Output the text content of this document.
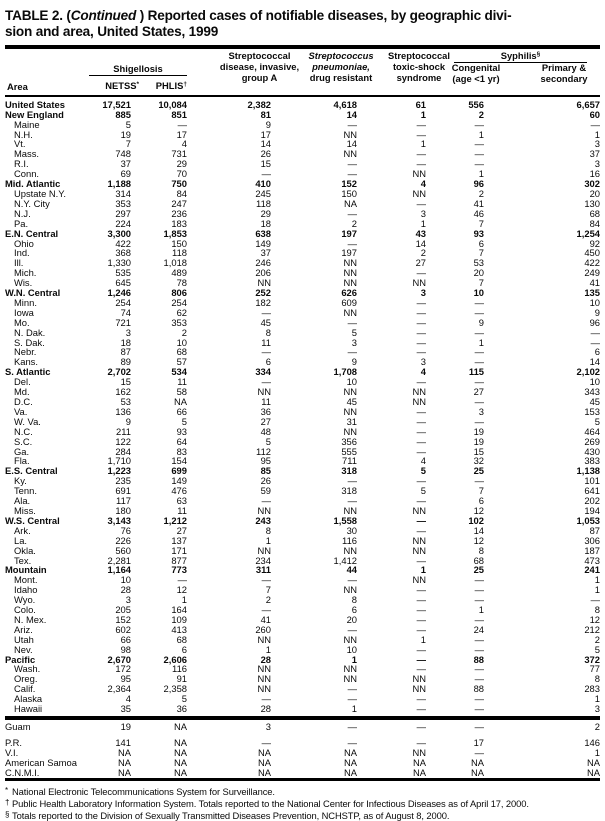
TABLE 2. (Continued ) Reported cases of notifiable diseases, by geographic divi-
sion and area, United States, 1999
Area
Shigellosis
NETSS*	PHLIS†
Streptococcal
disease, invasive,
group A
Streptococcus
pneumoniae,
drug resistant
Streptococcal
toxic-shock
syndrome
Syphilis§
Congenital
(age <1 yr)
Primary &
secondary
United States	17,521	10,084	2,382	4,618	61	556	6,657
New England	885	851	81	14	1	2	60
Maine	5	—	9	—	—	—	—
N.H.	19	17	17	NN	—	1	1
Vt.	7	4	14	14	1	—	3
Mass.	748	731	26	NN	—	—	37
R.I.	37	29	15	—	—	—	3
Conn.	69	70	—	—	NN	1	16
Mid. Atlantic	1,188	750	410	152	4	96	302
Upstate N.Y.	314	84	245	150	NN	2	20
N.Y. City	353	247	118	NA	—	41	130
N.J.	297	236	29	—	3	46	68
Pa.	224	183	18	2	1	7	84
E.N. Central	3,300	1,853	638	197	43	93	1,254
Ohio	422	150	149	—	14	6	92
Ind.	368	118	37	197	2	7	450
Ill.	1,330	1,018	246	NN	27	53	422
Mich.	535	489	206	NN	—	20	249
Wis.	645	78	NN	NN	NN	7	41
W.N. Central	1,246	806	252	626	3	10	135
Minn.	254	254	182	609	—	—	10
Iowa	74	62	—	NN	—	—	9
Mo.	721	353	45	—	—	9	96
N. Dak.	3	2	8	5	—	—	—
S. Dak.	18	10	11	3	—	1	—
Nebr.	87	68	—	—	—	—	6
Kans.	89	57	6	9	3	—	14
S. Atlantic	2,702	534	334	1,708	4	115	2,102
Del.	15	11	—	10	—	—	10
Md.	162	58	NN	NN	NN	27	343
D.C.	53	NA	11	45	NN	—	45
Va.	136	66	36	NN	—	3	153
W. Va.	9	5	27	31	—	—	5
N.C.	211	93	48	NN	—	19	464
S.C.	122	64	5	356	—	19	269
Ga.	284	83	112	555	—	15	430
Fla.	1,710	154	95	711	4	32	383
E.S. Central	1,223	699	85	318	5	25	1,138
Ky.	235	149	26	—	—	—	101
Tenn.	691	476	59	318	5	7	641
Ala.	117	63	—	—	—	6	202
Miss.	180	11	NN	NN	NN	12	194
W.S. Central	3,143	1,212	243	1,558	—	102	1,053
Ark.	76	27	8	30	—	14	87
La.	226	137	1	116	NN	12	306
Okla.	560	171	NN	NN	NN	8	187
Tex.	2,281	877	234	1,412	—	68	473
Mountain	1,164	773	311	44	1	25	241
Mont.	10	—	—	—	NN	—	1
Idaho	28	12	7	NN	—	—	1
Wyo.	3	1	2	8	—	—	—
Colo.	205	164	—	6	—	1	8
N. Mex.	152	109	41	20	—	—	12
Ariz.	602	413	260	—	—	24	212
Utah	66	68	NN	NN	1	—	2
Nev.	98	6	1	10	—	—	5
Pacific	2,670	2,606	28	1	—	88	372
Wash.	172	116	NN	NN	—	—	77
Oreg.	95	91	NN	NN	NN	—	8
Calif.	2,364	2,358	NN	—	NN	88	283
Alaska	4	5	—	—	—	—	1
Hawaii	35	36	28	1	—	—	3
Guam	19	NA	3	—	—	—	2
P.R.	141	NA	—	—	—	17	146
V.I.	NA	NA	NA	NA	NN	—	1
American Samoa	NA	NA	NA	NA	NA	NA	NA
C.N.M.I.	NA	NA	NA	NA	NA	NA	NA
* National Electronic Telecommunications System for Surveillance.
† Public Health Laboratory Information System. Totals reported to the National Center for Infectious Diseases as of April 17, 2000.
§ Totals reported to the Division of Sexually Transmitted Diseases Prevention, NCHSTP, as of August 8, 2000.
